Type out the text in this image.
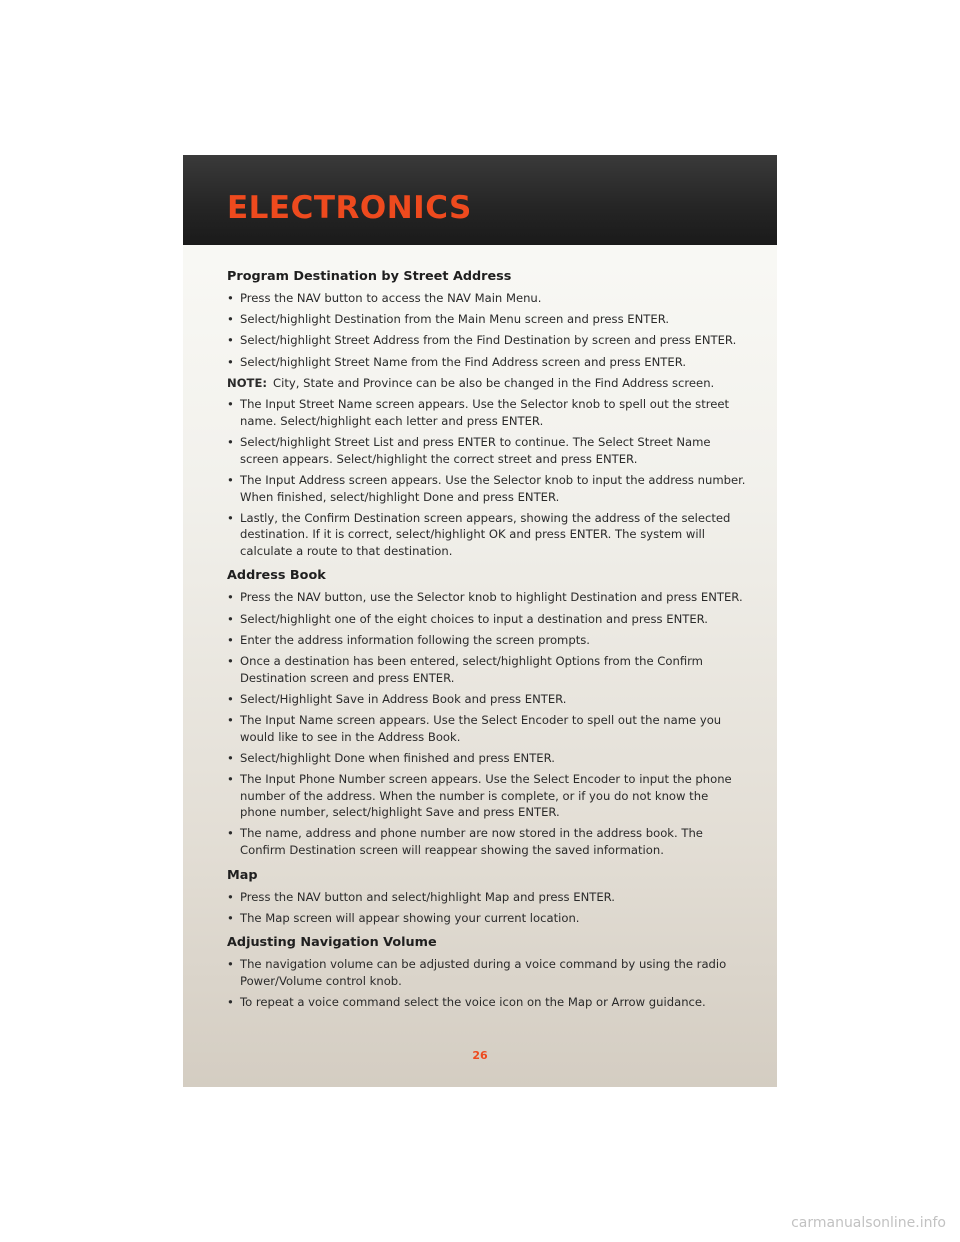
ELECTRONICS
Program Destination by Street Address
• Press the NAV button to access the NAV Main Menu.
• Select/highlight Destination from the Main Menu screen and press ENTER.
• Select/highlight Street Address from the Find Destination by screen and press ENTER.
• Select/highlight Street Name from the Find Address screen and press ENTER.
NOTE: City, State and Province can be also be changed in the Find Address screen.
• The Input Street Name screen appears. Use the Selector knob to spell out the street name. Select/highlight each letter and press ENTER.
• Select/highlight Street List and press ENTER to continue. The Select Street Name screen appears. Select/highlight the correct street and press ENTER.
• The Input Address screen appears. Use the Selector knob to input the address number. When finished, select/highlight Done and press ENTER.
• Lastly, the Confirm Destination screen appears, showing the address of the selected destination. If it is correct, select/highlight OK and press ENTER. The system will calculate a route to that destination.
Address Book
• Press the NAV button, use the Selector knob to highlight Destination and press ENTER.
• Select/highlight one of the eight choices to input a destination and press ENTER.
• Enter the address information following the screen prompts.
• Once a destination has been entered, select/highlight Options from the Confirm Destination screen and press ENTER.
• Select/Highlight Save in Address Book and press ENTER.
• The Input Name screen appears. Use the Select Encoder to spell out the name you would like to see in the Address Book.
• Select/highlight Done when finished and press ENTER.
• The Input Phone Number screen appears. Use the Select Encoder to input the phone number of the address. When the number is complete, or if you do not know the phone number, select/highlight Save and press ENTER.
• The name, address and phone number are now stored in the address book. The Confirm Destination screen will reappear showing the saved information.
Map
• Press the NAV button and select/highlight Map and press ENTER.
• The Map screen will appear showing your current location.
Adjusting Navigation Volume
• The navigation volume can be adjusted during a voice command by using the radio Power/Volume control knob.
• To repeat a voice command select the voice icon on the Map or Arrow guidance.
26
carmanualsonline.info
